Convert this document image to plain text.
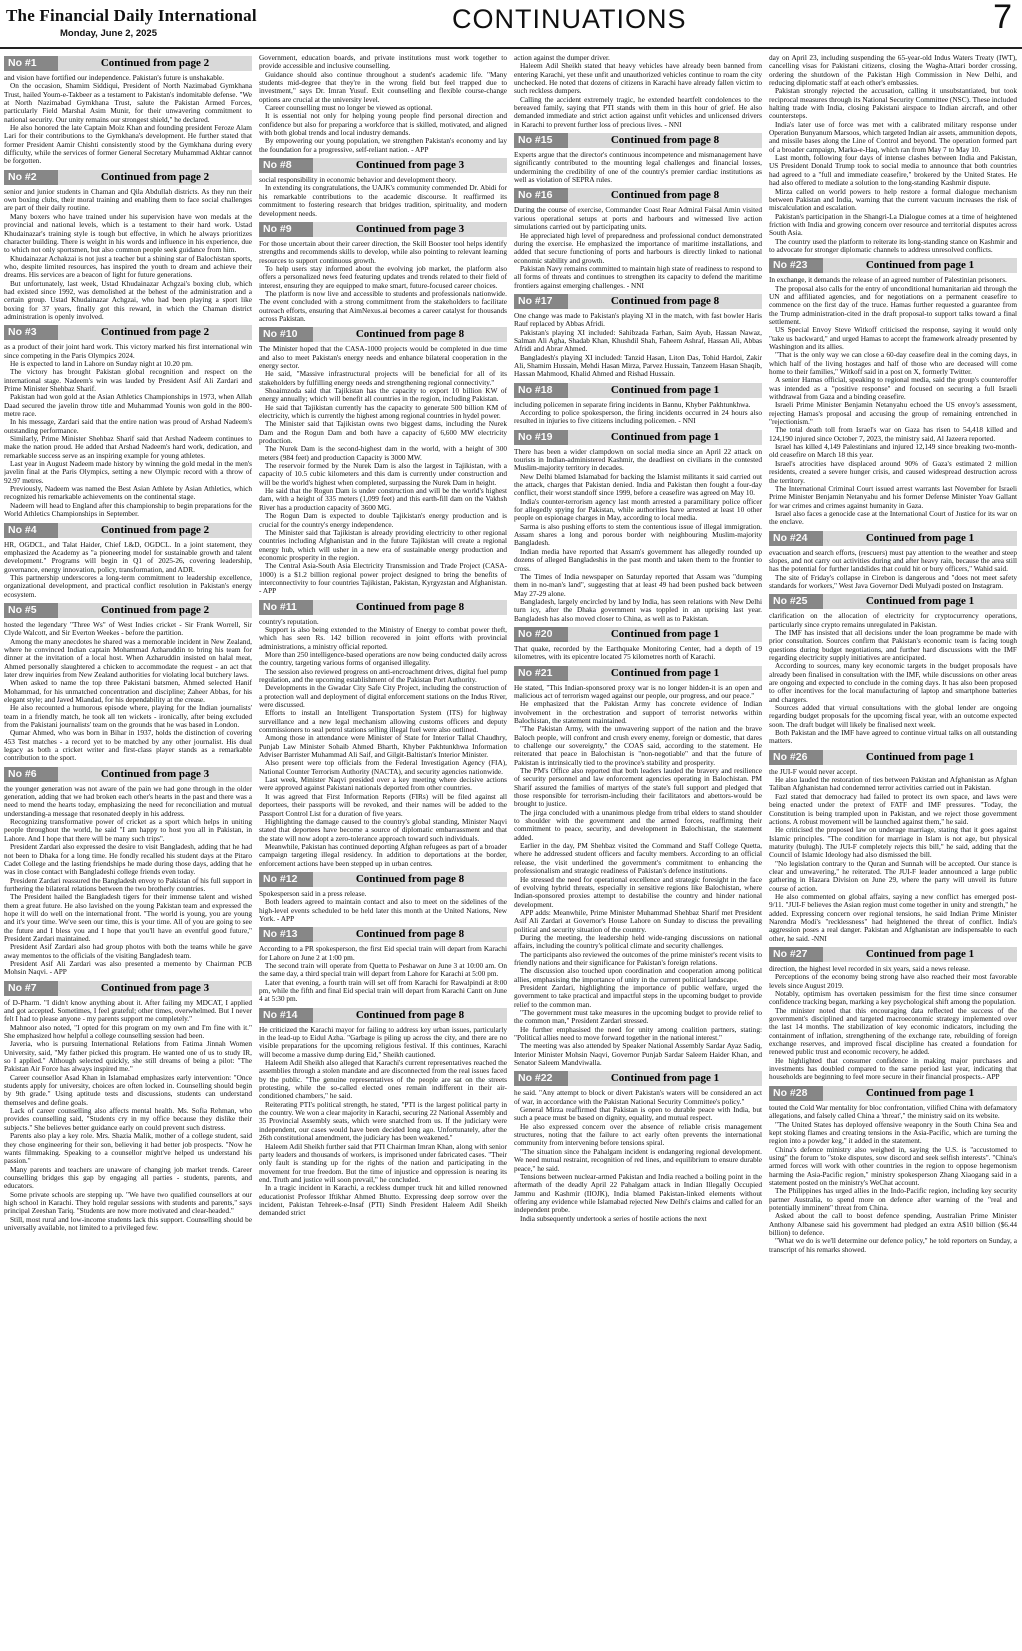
The Financial Daily International
Monday, June 2, 2025	CONTINUATIONS	7
No #1	Continued from page 2

and vision have fortified our independence. Pakistan's future is unshakable.

On the occasion, Shamim Siddiqui, President of North Nazimabad Gymkhana Trust, hailed Youm-e-Takbeer as a testament to Pakistan's indomitable defense. "We at North Nazimabad Gymkhana Trust, salute the Pakistan Armed Forces, particularly Field Marshal Asim Munir, for their unwavering commitment to national security. Our unity remains our strongest shield," he declared.

He also honored the late Captain Moiz Khan and founding president Feroze Alam Lari for their contributions to the Gymkhana's development. He further stated that former President Aamir Chishti consistently stood by the Gymkhana during every difficulty, while the services of former General Secretary Muhammad Akhtar cannot be forgotten.

No #2	Continued from page 2

senior and junior students in Chaman and Qila Abdullah districts. As they run their own boxing clubs, their moral training and enabling them to face social challenges are part of their daily routine.

Many boxers who have trained under his supervision have won medals at the provincial and national levels, which is a testament to their hard work. Ustad Khudainazar's training style is tough but effective, in which he always prioritizes character building. There is weight in his words and influence in his experience, due to which not only sportsmen, but also common people seek guidance from him.

Khudainazar Achakzai is not just a teacher but a shining star of Balochistan sports, who, despite limited resources, has inspired the youth to dream and achieve their dreams. His services are a beacon of light for future generations.

But unfortunately, last week, Ustad Khudainazar Achgzai's boxing club, which had existed since 1992, was demolished at the behest of the administration and a certain group. Ustad Khudainazar Achgzai, who had been playing a sport like boxing for 37 years, finally got this reward, in which the Chaman district administration is openly involved.

No #3	Continued from page 2

as a product of their joint hard work. This victory marked his first international win since competing in the Paris Olympics 2024.

He is expected to land in Lahore on Sunday night at 10.20 pm.

The victory has brought Pakistan global recognition and respect on the international stage. Nadeem's win was lauded by President Asif Ali Zardari and Prime Minister Shehbaz Sharif.

Pakistan had won gold at the Asian Athletics Championships in 1973, when Allah Daad secured the javelin throw title and Muhammad Younis won gold in the 800-metre race.

In his message, Zardari said that the entire nation was proud of Arshad Nadeem's outstanding performance.

Similarly, Prime Minister Shehbaz Sharif said that Arshad Nadeem continues to make the nation proud. He added that Arshad Nadeem's hard work, dedication, and remarkable success serve as an inspiring example for young athletes.

Last year in August Nadeem made history by winning the gold medal in the men's javelin final at the Paris Olympics, setting a new Olympic record with a throw of 92.97 metres.

Previously, Nadeem was named the Best Asian Athlete by Asian Athletics, which recognized his remarkable achievements on the continental stage.

Nadeem will head to England after this championship to begin preparations for the World Athletics Championships in September.

No #4	Continued from page 2

HR, OGDCL, and Talat Haider, Chief L&D, OGDCL. In a joint statement, they emphasized the Academy as "a pioneering model for sustainable growth and talent development." Programs will begin in Q1 of 2025-26, covering leadership, governance, energy innovation, policy, transformation, and ADR.

This partnership underscores a long-term commitment to leadership excellence, organizational development, and practical conflict resolution in Pakistan's energy ecosystem.

No #5	Continued from page 2

hosted the legendary "Three Ws" of West Indies cricket - Sir Frank Worrell, Sir Clyde Walcott, and Sir Everton Weekes - before the partition.

Among the many anecdotes he shared was a memorable incident in New Zealand, where he convinced Indian captain Mohammad Azharuddin to bring his team for dinner at the invitation of a local host. When Azharuddin insisted on halal meat, Ahmed personally slaughtered a chicken to accommodate the request - an act that later drew inquiries from New Zealand authorities for violating local butchery laws.

When asked to name the top three Pakistani batsmen, Ahmed selected Hanif Mohammad, for his unmatched concentration and discipline; Zaheer Abbas, for his elegant style; and Javed Miandad, for his dependability at the crease.

He also recounted a humorous episode where, playing for the Indian journalists' team in a friendly match, he took all ten wickets - ironically, after being excluded from the Pakistani journalists' team on the grounds that he was based in London.

Qumar Ahmed, who was born in Bihar in 1937, holds the distinction of covering 453 Test matches - a record yet to be matched by any other journalist. His dual legacy as both a cricket writer and first-class player stands as a remarkable contribution to the sport.

No #6	Continued from page 3

the younger generation was not aware of the pain we had gone through in the older generation, adding that we had broken each other's hearts in the past and there was a need to mend the hearts today, emphasizing the need for reconciliation and mutual understanding-a message that resonated deeply in his address.

Recognizing transformative power of cricket as a sport which helps in uniting people throughout the world, he said "I am happy to host you all in Pakistan, in Lahore. And I hope that there will be many such trips".

President Zardari also expressed the desire to visit Bangladesh, adding that he had not been to Dhaka for a long time. He fondly recalled his student days at the Pitaro Cadet College and the lasting friendships he made during those days, adding that he was in close contact with Bangladeshi college friends even today.

President Zardari reassured the Bangladesh envoy to Pakistan of his full support in furthering the bilateral relations between the two brotherly countries.

The President hailed the Bangladesh tigers for their immense talent and wished them a great future. He also lavished on the young Pakistan team and expressed the hope it will do well on the international front. "The world is young, you are young and it's your time. We've seen our time, this is your time. All of you are going to see the future and I bless you and I hope that you'll have an eventful good future," President Zardari maintained.

President Asif Zardari also had group photos with both the teams while he gave away mementos to the officials of the visiting Bangladesh team.

President Asif Ali Zardari was also presented a memento by Chairman PCB Mohsin Naqvi. - APP

No #7	Continued from page 3

of D-Pharm. "I didn't know anything about it. After failing my MDCAT, I applied and got accepted. Sometimes, I feel grateful; other times, overwhelmed. But I never felt I had to please anyone - my parents support me completely."

Mahnoor also noted, "I opted for this program on my own and I'm fine with it." She emphasized how helpful a college counselling session had been.

Javeria, who is pursuing International Relations from Fatima Jinnah Women University, said, "My father picked this program. He wanted one of us to study IR, so I applied." Although selected quickly, she still dreams of being a pilot: "The Pakistan Air Force has always inspired me."

Career counsellor Asad Khan in Islamabad emphasizes early intervention: "Once students apply for university, choices are often locked in. Counselling should begin by 9th grade." Using aptitude tests and discussions, students can understand themselves and define goals.

Lack of career counselling also affects mental health. Ms. Sofia Rehman, who provides counselling said, "Students cry in my office because they dislike their subjects." She believes better guidance early on could prevent such distress.

Parents also play a key role. Mrs. Shazia Malik, mother of a college student, said they chose engineering for their son, believing it had better job prospects. "Now he wants filmmaking. Speaking to a counsellor might've helped us understand his passion."

Many parents and teachers are unaware of changing job market trends. Career counselling bridges this gap by engaging all parties - students, parents, and educators.

Some private schools are stepping up. "We have two qualified counsellors at our high school in Karachi. They hold regular sessions with students and parents," says principal Zeeshan Tariq. "Students are now more motivated and clear-headed."

Still, most rural and low-income students lack this support. Counselling should be universally available, not limited to a privileged few.

Government, education boards, and private institutions must work together to provide accessible and inclusive counselling.

Guidance should also continue throughout a student's academic life. "Many students mid-degree that they're in the wrong field but feel trapped due to investment," says Dr. Imran Yusuf. Exit counselling and flexible course-change options are crucial at the university level.

Career counselling must no longer be viewed as optional.

It is essential not only for helping young people find personal direction and confidence but also for preparing a workforce that is skilled, motivated, and aligned with both global trends and local industry demands.

By empowering our young population, we strengthen Pakistan's economy and lay the foundation for a progressive, self-reliant nation. - APP

No #8	Continued from page 3

social responsibility in economic behavior and development theory.

In extending its congratulations, the UAJK's community commended Dr. Abidi for his remarkable contributions to the academic discourse. It reaffirmed its commitment to fostering research that bridges tradition, spirituality, and modern development needs.

No #9	Continued from page 3

For those uncertain about their career direction, the Skill Booster tool helps identify strengths and recommends skills to develop, while also pointing to relevant learning resources to support continuous growth.

To help users stay informed about the evolving job market, the platform also offers a personalized news feed featuring updates and trends related to their field of interest, ensuring they are equipped to make smart, future-focused career choices.

The platform is now live and accessible to students and professionals nationwide. The event concluded with a strong commitment from the stakeholders to facilitate outreach efforts, ensuring that AimNexus.ai becomes a career catalyst for thousands across Pakistan.

No #10	Continued from page 8

The Minister hoped that the CASA-1000 projects would be completed in due time and also to meet Pakistan's energy needs and enhance bilateral cooperation in the energy sector.

He said, "Massive infrastructural projects will be beneficial for all of its stakeholders by fulfilling energy needs and strengthening regional connectivity."

Shoaimzoda said that Tajikistan has the capacity to export 10 billion KW of energy annually; which will benefit all countries in the region, including Pakistan.

He said that Tajikistan currently has the capacity to generate 500 billion KM of electricity, which is currently the highest among regional countries in hydel power.

The Minister said that Tajikistan owns two biggest dams, including the Nurek Dam and the Rogun Dam and both have a capacity of 6,600 MW electricity production.

The Nurek Dam is the second-highest dam in the world, with a height of 300 meters (984 feet) and production Capacity is 3000 MW.

The reservoir formed by the Nurek Dam is also the largest in Tajikistan, with a capacity of 10.5 cubic kilometers and this dam is currently under construction and will be the world's highest when completed, surpassing the Nurek Dam in height.

He said that the Rogun Dam is under construction and will be the world's highest dam, with a height of 335 meters (1,099 feet) and this earth-fill dam on the Vakhsh River has a production capacity of 3600 MG.

The Rogun Dam is expected to double Tajikistan's energy production and is crucial for the country's energy independence.

The Minister said that Tajikistan is already providing electricity to other regional countries including Afghanistan and in the future Tajikistan will create a regional energy hub, which will usher in a new era of sustainable energy production and economic prosperity in the region.

The Central Asia-South Asia Electricity Transmission and Trade Project (CASA-1000) is a $1.2 billion regional power project designed to bring the benefits of interconnectivity to four countries Tajikistan, Pakistan, Kyrgyzstan and Afghanistan. - APP

No #11	Continued from page 8

country's reputation.

Support is also being extended to the Ministry of Energy to combat power theft, which has seen Rs. 142 billion recovered in joint efforts with provincial administrations, a ministry official reported.

More than 250 intelligence-based operations are now being conducted daily across the country, targeting various forms of organised illegality.

The session also reviewed progress on anti-encroachment drives, digital fuel pump regulation, and the upcoming establishment of the Pakistan Port Authority.

Developments in the Gwadar City Safe City Project, including the construction of a protection wall and deployment of digital enforcement stations on the Indus River, were discussed.

Efforts to install an Intelligent Transportation System (ITS) for highway surveillance and a new legal mechanism allowing customs officers and deputy commissioners to seal petrol stations selling illegal fuel were also outlined.

Among those in attendance were Minister of State for Interior Tallal Chaudhry, Punjab Law Minister Sohaib Ahmed Bharth, Khyber Pakhtunkhwa Information Adviser Barrister Muhammad Ali Saif, and Gilgit-Baltistan's Interior Minister.

Also present were top officials from the Federal Investigation Agency (FIA), National Counter Terrorism Authority (NACTA), and security agencies nationwide.

Last week, Minister Naqvi presided over a key meeting where decisive actions were approved against Pakistani nationals deported from other countries.

It was agreed that First Information Reports (FIRs) will be filed against all deportees, their passports will be revoked, and their names will be added to the Passport Control List for a duration of five years.

Highlighting the damage caused to the country's global standing, Minister Naqvi stated that deportees have become a source of diplomatic embarrassment and that the state will now adopt a zero-tolerance approach toward such individuals.

Meanwhile, Pakistan has continued deporting Afghan refugees as part of a broader campaign targeting illegal residency. In addition to deportations at the border, enforcement actions have been stepped up in urban centres.

No #12	Continued from page 8

Spokesperson said in a press release.

Both leaders agreed to maintain contact and also to meet on the sidelines of the high-level events scheduled to be held later this month at the United Nations, New York. - APP

No #13	Continued from page 8

According to a PR spokesperson, the first Eid special train will depart from Karachi for Lahore on June 2 at 1:00 pm.

The second train will operate from Quetta to Peshawar on June 3 at 10:00 am. On the same day, a third special train will depart from Lahore for Karachi at 5:00 pm.

Later that evening, a fourth train will set off from Karachi for Rawalpindi at 8:00 pm, while the fifth and final Eid special train will depart from Karachi Cantt on June 4 at 5:30 pm.

No #14	Continued from page 8

He criticized the Karachi mayor for failing to address key urban issues, particularly in the lead-up to Eidul Azha. "Garbage is piling up across the city, and there are no visible preparations for the upcoming religious festival. If this continues, Karachi will become a massive dump during Eid," Sheikh cautioned.

Haleem Adil Sheikh also alleged that Karachi's current representatives reached the assemblies through a stolen mandate and are disconnected from the real issues faced by the public. "The genuine representatives of the people are sat on the streets protesting, while the so-called elected ones remain indifferent in their air-conditioned chambers," he said.

Reiterating PTI's political strength, he stated, "PTI is the largest political party in the country. We won a clear majority in Karachi, securing 22 National Assembly and 35 Provincial Assembly seats, which were snatched from us. If the judiciary were independent, our cases would have been decided long ago. Unfortunately, after the 26th constitutional amendment, the judiciary has been weakened."

Haleem Adil Sheikh further said that PTI Chairman Imran Khan, along with senior party leaders and thousands of workers, is imprisoned under fabricated cases. "Their only fault is standing up for the rights of the nation and participating in the movement for true freedom. But the time of injustice and oppression is nearing its end. Truth and justice will soon prevail," he concluded.

In a tragic incident in Karachi, a reckless dumper truck hit and killed renowned educationist Professor Iftikhar Ahmed Bhutto. Expressing deep sorrow over the incident, Pakistan Tehreek-e-Insaf (PTI) Sindh President Haleem Adil Sheikh demanded strict

action against the dumper driver.

Haleem Adil Sheikh stated that heavy vehicles have already been banned from entering Karachi, yet these unfit and unauthorized vehicles continue to roam the city unchecked. He noted that dozens of citizens in Karachi have already fallen victim to such reckless dumpers.

Calling the accident extremely tragic, he extended heartfelt condolences to the bereaved family, saying that PTI stands with them in this hour of grief. He also demanded immediate and strict action against unfit vehicles and unlicensed drivers in Karachi to prevent further loss of precious lives. - NNI

No #15	Continued from page 8

Experts argue that the director's continuous incompetence and mismanagement have significantly contributed to the mounting legal challenges and financial losses, undermining the credibility of one of the country's premier cardiac institutions as well as violation of SEPRA rules.

No #16	Continued from page 8

During the course of exercise, Commander Coast Rear Admiral Faisal Amin visited various operational setups at ports and harbours and witnessed live action simulations carried out by participating units.

He appreciated high level of preparedness and professional conduct demonstrated during the exercise. He emphasized the importance of maritime installations, and added that secure functioning of ports and harbours is directly linked to national economic stability and growth.

Pakistan Navy remains committed to maintain high state of readiness to respond to all forms of threats and continues to strengthen its capacity to defend the maritime frontiers against emerging challenges. - NNI

No #17	Continued from page 8

One change was made to Pakistan's playing XI in the match, with fast bowler Haris Rauf replaced by Abbas Afridi.

Pakistan's playing XI included: Sahibzada Farhan, Saim Ayub, Hassan Nawaz, Salman Ali Agha, Shadab Khan, Khushdil Shah, Faheem Ashraf, Hassan Ali, Abbas Afridi and Abrar Ahmed.

Bangladesh's playing XI included: Tanzid Hasan, Liton Das, Tohid Hardoi, Zakir Ali, Shamim Hussain, Mehdi Hasan Mirza, Parvez Hussain, Tanzeem Hasan Shaqib, Hassan Mahmood, Khalid Ahmed and Rishad Hussain.

No #18	Continued from page 1

including policemen in separate firing incidents in Bannu, Khyber Pakhtunkhwa.

According to police spokesperson, the firing incidents occurred in 24 hours also resulted in injuries to five citizens including policemen. - NNI

No #19	Continued from page 1

There has been a wider clampdown on social media since an April 22 attack on tourists in Indian-administered Kashmir, the deadliest on civilians in the contested Muslim-majority territory in decades.

New Delhi blamed Islamabad for backing the Islamist militants it said carried out the attack, charges that Pakistan denied. India and Pakistan then fought a four-day conflict, their worst standoff since 1999, before a ceasefire was agreed on May 10.

India's counter-terrorism agency last month arrested a paramilitary police officer for allegedly spying for Pakistan, while authorities have arrested at least 10 other people on espionage charges in May, according to local media.

Sarma is also pushing efforts to stem the contentious issue of illegal immigration. Assam shares a long and porous border with neighbouring Muslim-majority Bangladesh.

Indian media have reported that Assam's government has allegedly rounded up dozens of alleged Bangladeshis in the past month and taken them to the frontier to cross.

The Times of India newspaper on Saturday reported that Assam was "dumping them in no-man's land", suggesting that at least 49 had been pushed back between May 27-29 alone.

Bangladesh, largely encircled by land by India, has seen relations with New Delhi turn icy, after the Dhaka government was toppled in an uprising last year. Bangladesh has also moved closer to China, as well as to Pakistan.

No #20	Continued from page 1

That quake, recorded by the Earthquake Monitoring Center, had a depth of 19 kilometres, with its epicentre located 75 kilometres north of Karachi.

No #21	Continued from page 1

He stated, "This Indian-sponsored proxy war is no longer hidden-it is an open and malicious act of terrorism waged against our people, our progress, and our peace."

He emphasized that the Pakistan Army has concrete evidence of Indian involvement in the orchestration and support of terrorist networks within Balochistan, the statement maintained.

"The Pakistan Army, with the unwavering support of the nation and the brave Baloch people, will confront and crush every enemy, foreign or domestic, that dares to challenge our sovereignty," the COAS said, according to the statement. He reiterated that peace in Balochistan is "non-negotiable" and that the future of Pakistan is intrinsically tied to the province's stability and prosperity.

The PM's Office also reported that both leaders lauded the bravery and resilience of security personnel and law enforcement agencies operating in Balochistan. PM Sharif assured the families of martyrs of the state's full support and pledged that those responsible for terrorism-including their facilitators and abettors-would be brought to justice.

The jirga concluded with a unanimous pledge from tribal elders to stand shoulder to shoulder with the government and the armed forces, reaffirming their commitment to peace, security, and development in Balochistan, the statement added.

Earlier in the day, PM Shehbaz visited the Command and Staff College Quetta, where he addressed student officers and faculty members. According to an official release, the visit underlined the government's commitment to enhancing the professionalism and strategic readiness of Pakistan's defence institutions.

He stressed the need for operational excellence and strategic foresight in the face of evolving hybrid threats, especially in sensitive regions like Balochistan, where Indian-sponsored proxies attempt to destabilise the country and hinder national development.

APP adds: Meanwhile, Prime Minister Muhammad Shehbaz Sharif met President Asif Ali Zardari at Governor's House Lahore on Sunday to discuss the prevailing political and security situation of the country.

During the meeting, the leadership held wide-ranging discussions on national affairs, including the country's political climate and security challenges.

The participants also reviewed the outcomes of the prime minister's recent visits to friendly nations and their significance for Pakistan's foreign relations.

The discussion also touched upon coordination and cooperation among political allies, emphasising the importance of unity in the current political landscape.

President Zardari, highlighting the importance of public welfare, urged the government to take practical and impactful steps in the upcoming budget to provide relief to the common man.

"The government must take measures in the upcoming budget to provide relief to the common man," President Zardari stressed.

He further emphasised the need for unity among coalition partners, stating: "Political allies need to move forward together in the national interest."

The meeting was also attended by Speaker National Assembly Sardar Ayaz Sadiq, Interior Minister Mohsin Naqvi, Governor Punjab Sardar Saleem Haider Khan, and Senator Saleem Mandviwalla.

No #22	Continued from page 1

he said. "Any attempt to block or divert Pakistan's waters will be considered an act of war, in accordance with the Pakistan National Security Committee's policy."

General Mirza reaffirmed that Pakistan is open to durable peace with India, but such a peace must be based on dignity, equality, and mutual respect.

He also expressed concern over the absence of reliable crisis management structures, noting that the failure to act early often prevents the international community from intervening before tensions spiral.

"The situation since the Pahalgam incident is endangering regional development. We need mutual restraint, recognition of red lines, and equilibrium to ensure durable peace," he said.

Tensions between nuclear-armed Pakistan and India reached a boiling point in the aftermath of the deadly April 22 Pahalgam attack in Indian Illegally Occupied Jammu and Kashmir (IIOJK), India blamed Pakistan-linked elements without offering any evidence while Islamabad rejected New Delhi's claims and called for an independent probe.

India subsequently undertook a series of hostile actions the next

day on April 23, including suspending the 65-year-old Indus Waters Treaty (IWT), cancelling visas for Pakistani citizens, closing the Wagha-Attari border crossing, ordering the shutdown of the Pakistan High Commission in New Delhi, and reducing diplomatic staff at each other's embassies.

Pakistan strongly rejected the accusation, calling it unsubstantiated, but took reciprocal measures through its National Security Committee (NSC). These included halting trade with India, closing Pakistani airspace to Indian aircraft, and other countersteps.

India's later use of force was met with a calibrated military response under Operation Bunyanum Marsoos, which targeted Indian air assets, ammunition depots, and missile bases along the Line of Control and beyond. The operation formed part of a broader campaign, Marka-e-Haq, which ran from May 7 to May 10.

Last month, following four days of intense clashes between India and Pakistan, US President Donald Trump took to social media to announce that both countries had agreed to a "full and immediate ceasefire," brokered by the United States. He had also offered to mediate a solution to the long-standing Kashmir dispute.

Mirza called on world powers to help restore a formal dialogue mechanism between Pakistan and India, warning that the current vacuum increases the risk of miscalculation and escalation.

Pakistan's participation in the Shangri-La Dialogue comes at a time of heightened friction with India and growing concern over resource and territorial disputes across South Asia.

The country used the platform to reiterate its long-standing stance on Kashmir and to advocate for stronger diplomatic channels to address unresolved conflicts.

No #23	Continued from page 1

In exchange, it demands the release of an agreed number of Palestinian prisoners.

The proposal also calls for the entry of unconditional humanitarian aid through the UN and affiliated agencies, and for negotiations on a permanent ceasefire to commence on the first day of the truce. Hamas further requested a guarantee from the Trump administration-cited in the draft proposal-to support talks toward a final settlement.

US Special Envoy Steve Witkoff criticised the response, saying it would only "take us backward," and urged Hamas to accept the framework already presented by Washington and its allies.

"That is the only way we can close a 60-day ceasefire deal in the coming days, in which half of the living hostages and half of those who are deceased will come home to their families," Witkoff said in a post on X, formerly Twitter.

A senior Hamas official, speaking to regional media, said the group's counteroffer was intended as a "positive response" and focused on securing a full Israeli withdrawal from Gaza and a binding ceasefire.

Israeli Prime Minister Benjamin Netanyahu echoed the US envoy's assessment, rejecting Hamas's proposal and accusing the group of remaining entrenched in "rejectionism."

The total death toll from Israel's war on Gaza has risen to 54,418 killed and 124,190 injured since October 7, 2023, the ministry said, Al Jazeera reported.

Israel has killed 4,149 Palestinians and injured 12,149 since breaking two-month-old ceasefire on March 18 this year.

Israel's atrocities have displaced around 90% of Gaza's estimated 2 million residents, created a severe hunger crisis, and caused widespread destruction across the territory.

The International Criminal Court issued arrest warrants last November for Israeli Prime Minister Benjamin Netanyahu and his former Defense Minister Yoav Gallant for war crimes and crimes against humanity in Gaza.

Israel also faces a genocide case at the International Court of Justice for its war on the enclave.

No #24	Continued from page 1

evacuation and search efforts, (rescuers) must pay attention to the weather and steep slopes, and not carry out activities during and after heavy rain, because the area still has the potential for further landslides that could hit or bury officers," Wahid said.

The site of Friday's collapse in Cirebon is dangerous and "does not meet safety standards for workers," West Java Governor Dedi Mulyadi posted on Instagram.

No #25	Continued from page 1

clarification on the allocation of electricity for cryptocurrency operations, particularly since crypto remains unregulated in Pakistan.

The IMF has insisted that all decisions under the loan programme be made with prior consultation. Sources confirm that Pakistan's economic team is facing tough questions during budget negotiations, and further hard discussions with the IMF regarding electricity supply initiatives are anticipated.

According to sources, many key economic targets in the budget proposals have already been finalised in consultation with the IMF, while discussions on other areas are ongoing and expected to conclude in the coming days. It has also been proposed to offer incentives for the local manufacturing of laptop and smartphone batteries and chargers.

Sources added that virtual consultations with the global lender are ongoing regarding budget proposals for the upcoming fiscal year, with an outcome expected soon. The draft budget will likely be finalised next week.

Both Pakistan and the IMF have agreed to continue virtual talks on all outstanding matters.

No #26	Continued from page 1

the JUI-F would never accept.

He also lauded the restoration of ties between Pakistan and Afghanistan as Afghan Taliban Afghanistan had condemned terror activities carried out in Pakistan.

Fazl stated that democracy had failed to protect its own space, and laws were being enacted under the pretext of FATF and IMF pressures. "Today, the Constitution is being trampled upon in Pakistan, and we reject those government actions. A robust movement will be launched against them," he said.

He criticised the proposed law on underage marriage, stating that it goes against Islamic principles. "The condition for marriage in Islam is not age, but physical maturity (bulugh). The JUI-F completely rejects this bill," he said, adding that the Council of Islamic Ideology had also dismissed the bill.

"No legislation contrary to the Quran and Sunnah will be accepted. Our stance is clear and unwavering," he reiterated. The JUI-F leader announced a large public gathering in Hazara Division on June 29, where the party will unveil its future course of action.

He also commented on global affairs, saying a new conflict has emerged post-9/11. "JUI-F believes the Asian region must come together in unity and strength," he added. Expressing concern over regional tensions, he said Indian Prime Minister Narendra Modi's "recklessness" had heightened the threat of conflict. India's aggression poses a real danger. Pakistan and Afghanistan are indispensable to each other, he said. -NNI

No #27	Continued from page 1

direction, the highest level recorded in six years, said a news release.

Perceptions of the economy being strong have also reached their most favorable levels since August 2019.

Notably, optimism has overtaken pessimism for the first time since consumer confidence tracking began, marking a key psychological shift among the population.

The minister noted that this encouraging data reflected the success of the government's disciplined and targeted macroeconomic strategy implemented over the last 14 months. The stabilization of key economic indicators, including the containment of inflation, strengthening of the exchange rate, rebuilding of foreign exchange reserves, and improved fiscal discipline has created a foundation for renewed public trust and economic recovery, he added.

He highlighted that consumer confidence in making major purchases and investments has doubled compared to the same period last year, indicating that households are beginning to feel more secure in their financial prospects.- APP

No #28	Continued from page 1

touted the Cold War mentality for bloc confrontation, vilified China with defamatory allegations, and falsely called China a 'threat'," the ministry said on its website.

"The United States has deployed offensive weaponry in the South China Sea and kept stoking flames and creating tensions in the Asia-Pacific, which are turning the region into a powder keg," it added in the statement.

China's defence ministry also weighed in, saying the U.S. is "accustomed to using" the forum to "stoke disputes, sow discord and seek selfish interests". "China's armed forces will work with other countries in the region to oppose hegemonism harming the Asia-Pacific region," ministry spokesperson Zhang Xiaogang said in a statement posted on the ministry's WeChat account.

The Philippines has urged allies in the Indo-Pacific region, including key security partner Australia, to spend more on defence after warning of the "real and potentially imminent" threat from China.

Asked about the call to boost defence spending, Australian Prime Minister Anthony Albanese said his government had pledged an extra A$10 billion ($6.44 billion) to defence.

"What we do is we'll determine our defence policy," he told reporters on Sunday, a transcript of his remarks showed.
